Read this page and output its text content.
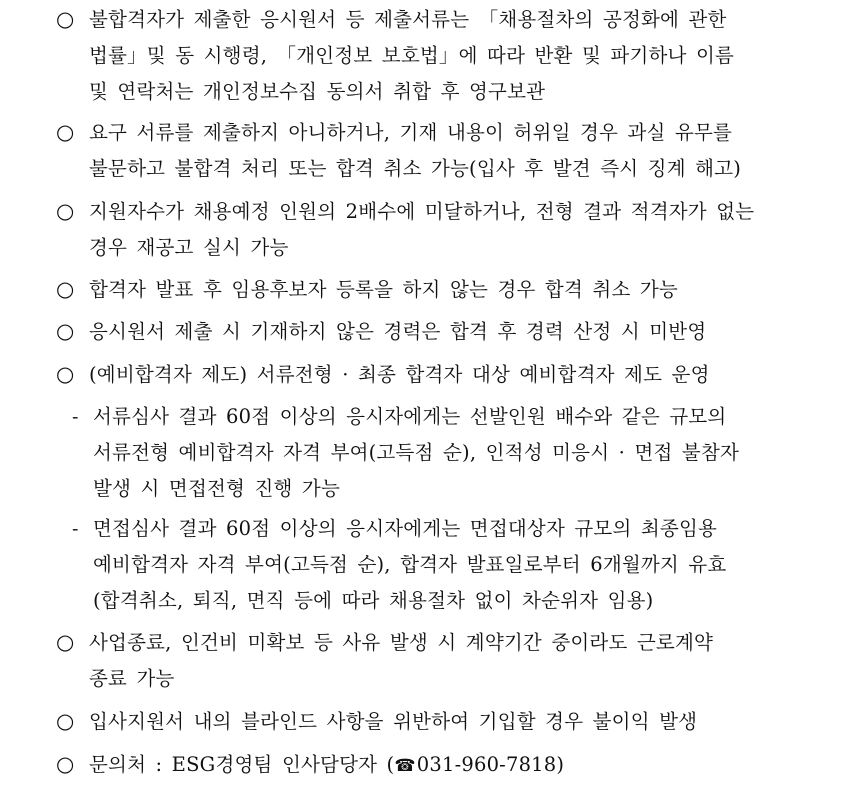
○ 불합격자가 제출한 응시원서 등 제출서류는 「채용절차의 공정화에 관한
법률」및 동 시행령, 「개인정보 보호법」에 따라 반환 및 파기하나 이름
및 연락처는 개인정보수집 동의서 취합 후 영구보관
○ 요구 서류를 제출하지 아니하거나, 기재 내용이 허위일 경우 과실 유무를
불문하고 불합격 처리 또는 합격 취소 가능(입사 후 발견 즉시 징계 해고)
○ 지원자수가 채용예정 인원의 2배수에 미달하거나, 전형 결과 적격자가 없는
경우 재공고 실시 가능
○ 합격자 발표 후 임용후보자 등록을 하지 않는 경우 합격 취소 가능
○ 응시원서 제출 시 기재하지 않은 경력은 합격 후 경력 산정 시 미반영
○ (예비합격자 제도) 서류전형 · 최종 합격자 대상 예비합격자 제도 운영
- 서류심사 결과 60점 이상의 응시자에게는 선발인원 배수와 같은 규모의
서류전형 예비합격자 자격 부여(고득점 순), 인적성 미응시 · 면접 불참자
발생 시 면접전형 진행 가능
- 면접심사 결과 60점 이상의 응시자에게는 면접대상자 규모의 최종임용
예비합격자 자격 부여(고득점 순), 합격자 발표일로부터 6개월까지 유효
(합격취소, 퇴직, 면직 등에 따라 채용절차 없이 차순위자 임용)
○ 사업종료, 인건비 미확보 등 사유 발생 시 계약기간 중이라도 근로계약
종료 가능
○ 입사지원서 내의 블라인드 사항을 위반하여 기입할 경우 불이익 발생
○ 문의처 : ESG경영팀 인사담당자 (☎031-960-7818)
